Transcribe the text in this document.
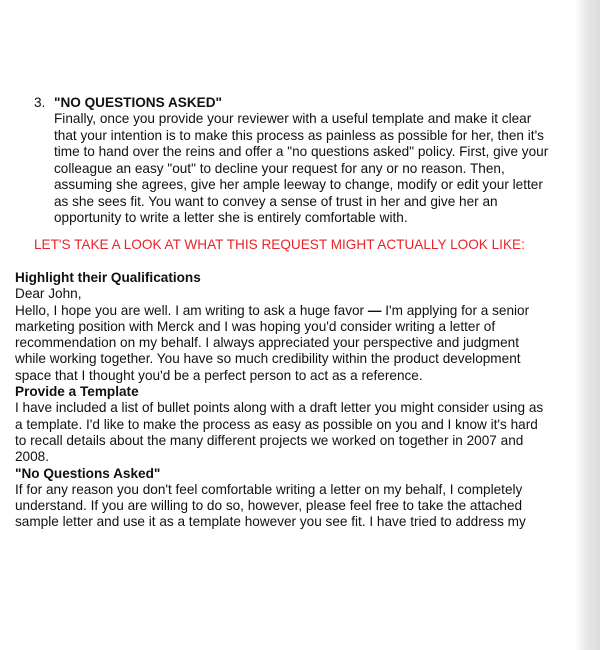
3. "NO QUESTIONS ASKED"
Finally, once you provide your reviewer with a useful template and make it clear that your intention is to make this process as painless as possible for her, then it's time to hand over the reins and offer a "no questions asked" policy. First, give your colleague an easy "out" to decline your request for any or no reason. Then, assuming she agrees, give her ample leeway to change, modify or edit your letter as she sees fit. You want to convey a sense of trust in her and give her an opportunity to write a letter she is entirely comfortable with.
LET'S TAKE A LOOK AT WHAT THIS REQUEST MIGHT ACTUALLY LOOK LIKE:
Highlight their Qualifications

Dear John,

Hello, I hope you are well. I am writing to ask a huge favor — I'm applying for a senior marketing position with Merck and I was hoping you'd consider writing a letter of recommendation on my behalf. I always appreciated your perspective and judgment while working together. You have so much credibility within the product development space that I thought you'd be a perfect person to act as a reference.

Provide a Template

I have included a list of bullet points along with a draft letter you might consider using as a template. I'd like to make the process as easy as possible on you and I know it's hard to recall details about the many different projects we worked on together in 2007 and 2008.

"No Questions Asked"

If for any reason you don't feel comfortable writing a letter on my behalf, I completely understand. If you are willing to do so, however, please feel free to take the attached sample letter and use it as a template however you see fit. I have tried to address my
